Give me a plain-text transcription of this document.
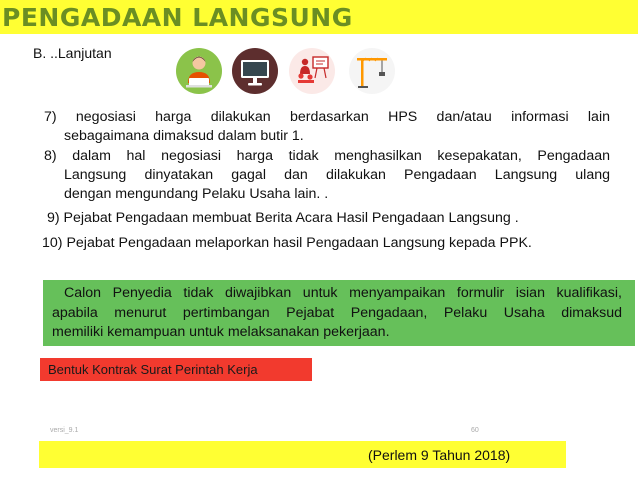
PENGADAAN LANGSUNG
B. ..Lanjutan
7) negosiasi harga dilakukan berdasarkan HPS dan/atau informasi lain
sebagaimana dimaksud dalam butir 1.
8) dalam hal negosiasi harga tidak menghasilkan kesepakatan, Pengadaan
Langsung dinyatakan gagal dan dilakukan Pengadaan Langsung ulang
dengan mengundang Pelaku Usaha lain. .
9) Pejabat Pengadaan membuat Berita Acara Hasil Pengadaan Langsung .
10) Pejabat Pengadaan melaporkan hasil Pengadaan Langsung kepada PPK.
Calon Penyedia tidak diwajibkan untuk menyampaikan formulir isian kualifikasi,
apabila menurut pertimbangan Pejabat Pengadaan, Pelaku Usaha dimaksud
memiliki kemampuan untuk melaksanakan pekerjaan.
Bentuk Kontrak Surat Perintah Kerja
versi_9.1	60
(Perlem 9 Tahun 2018)
